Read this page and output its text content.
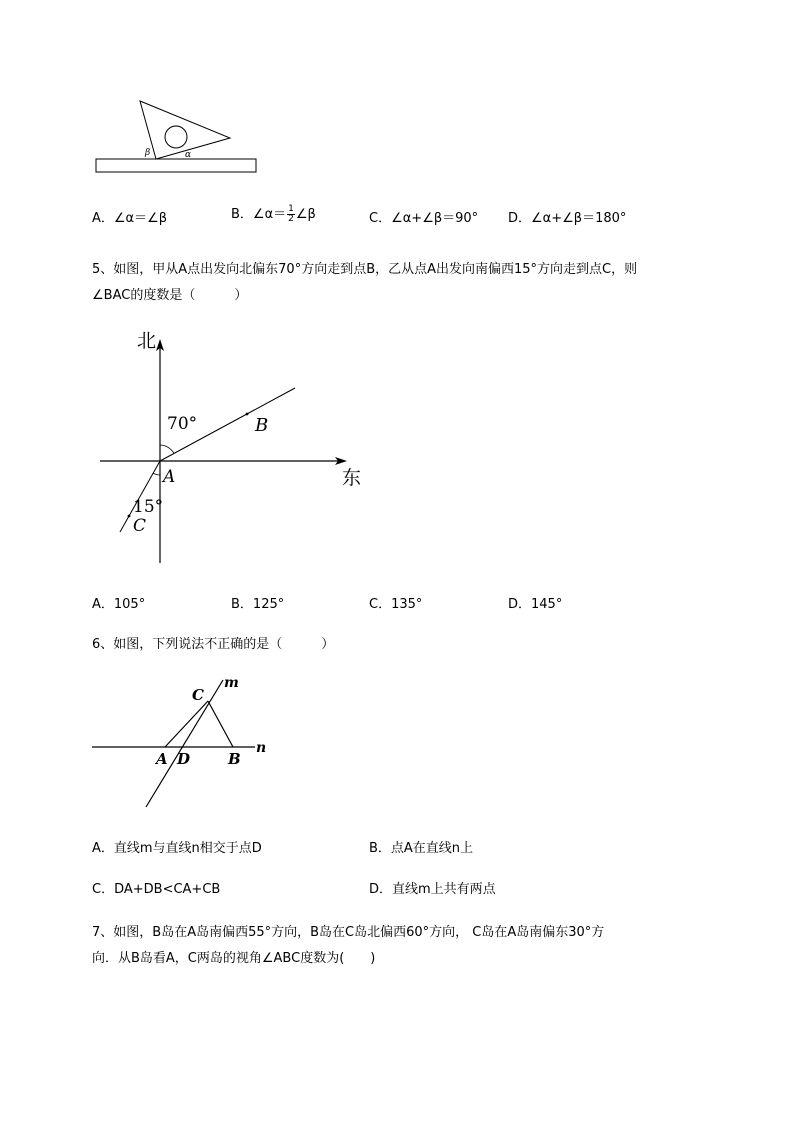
β	α
A．∠α＝∠β	B．∠α＝ $\frac{1}{2}$ ∠β	C．∠α+∠β＝90° D．∠α+∠β＝180°
5、如图，甲从A点出发向北偏东70°方向走到点B，乙从点A出发向南偏西15°方向走到点C，则
∠BAC的度数是（　　　）
北
东
70°	B
A
15°
C
A．105°	B．125°	C．135°	D．145°
6、如图，下列说法不正确的是（　　　）
C
m
A D	B
n
A．直线m与直线n相交于点D	B．点A在直线n上
C．DA+DB<CA+CB	D．直线m上共有两点
7、如图，B岛在A岛南偏西55°方向，B岛在C岛北偏西60°方向， C岛在A岛南偏东30°方
向．从B岛看A，C两岛的视角∠ABC度数为(　　)
